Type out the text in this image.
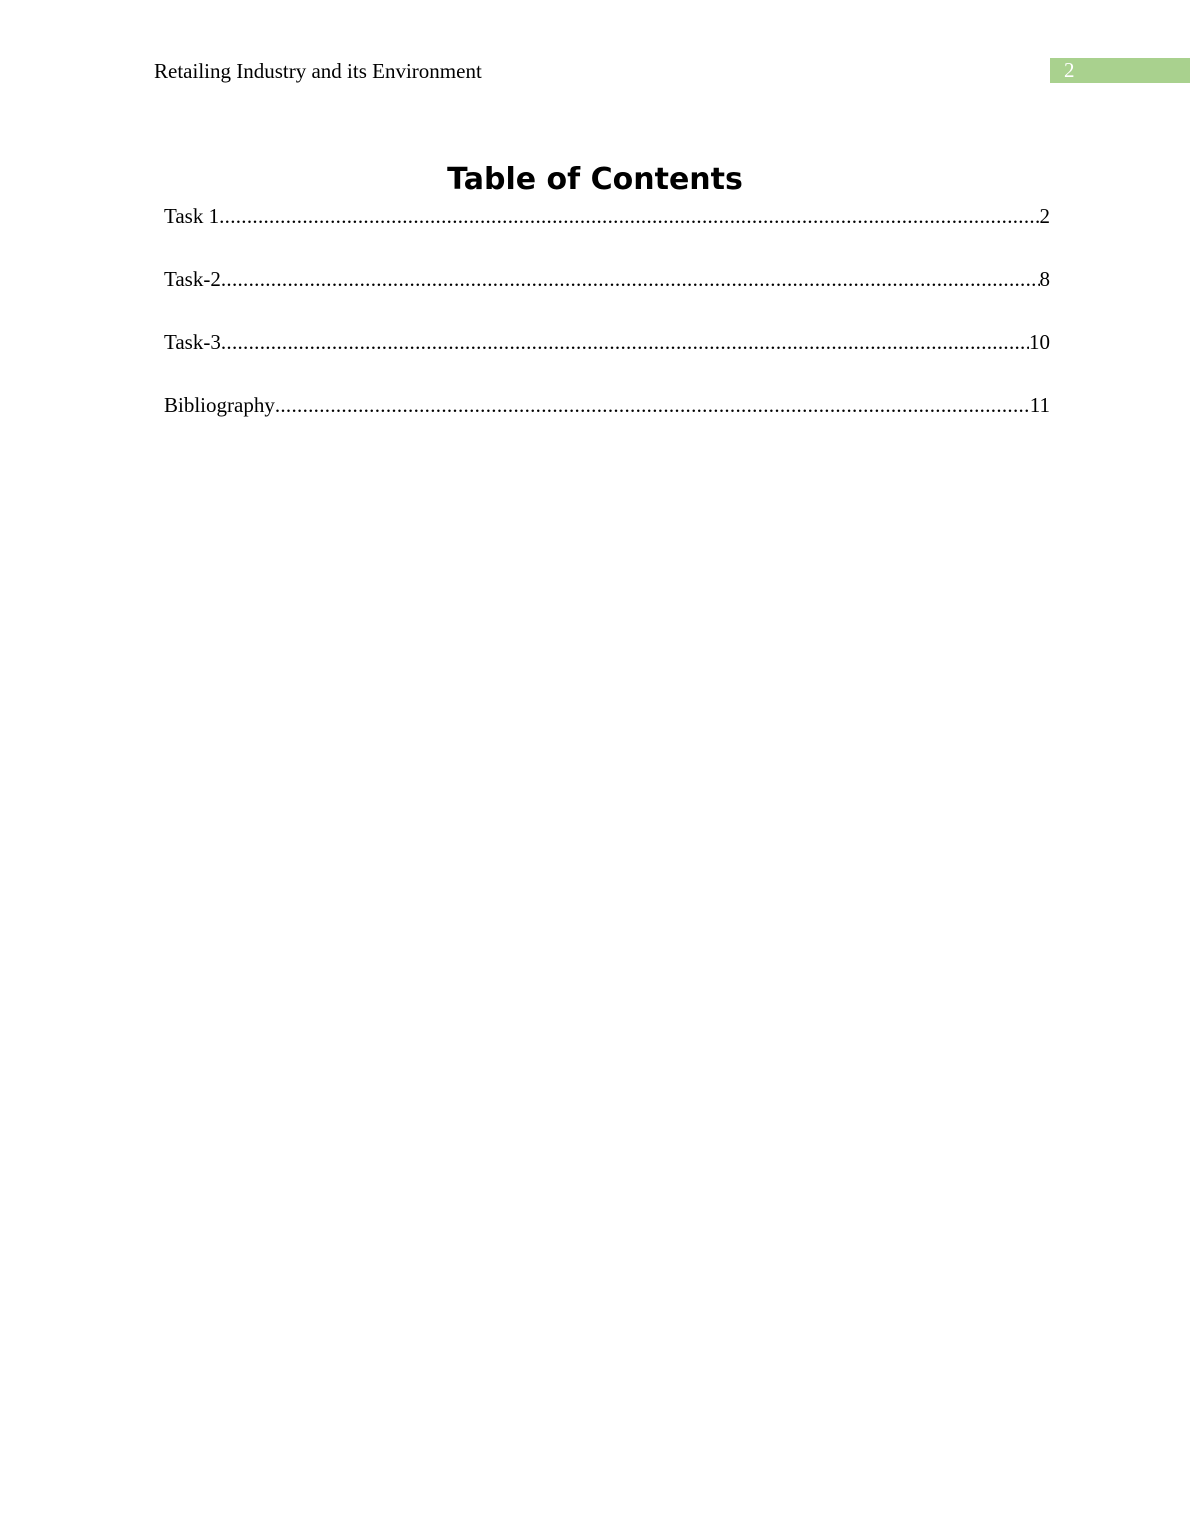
Retailing Industry and its Environment	2
Table of Contents
Task 1 .....	2
Task-2 .....	8
Task-3 .....	10
Bibliography .....	11
